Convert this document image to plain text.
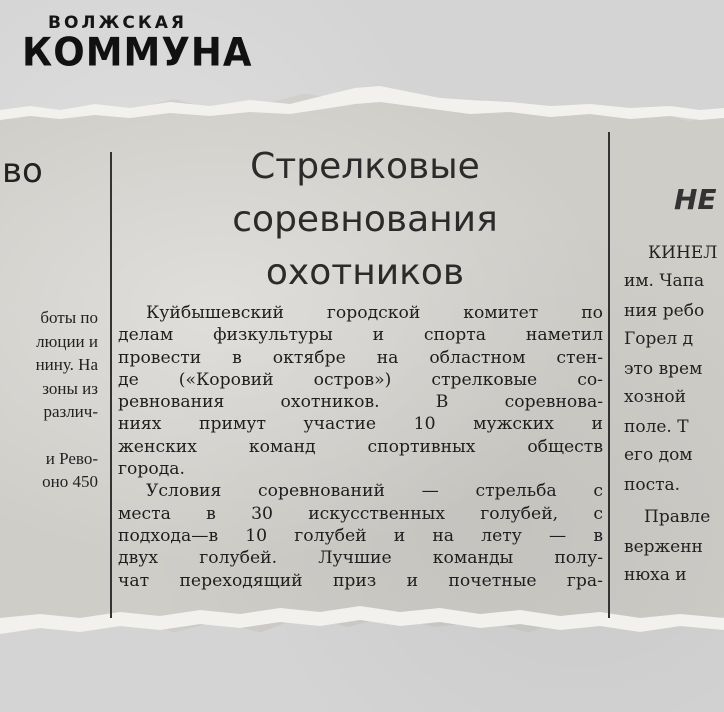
ВОЛЖСКАЯ
КОММУНА
во
боты по
люции и
нину. На
зоны из
различ-
и Рево-
оно 450
Стрелковые
соревнования
охотников
Куйбышевский городской комитет по
делам физкультуры и спорта наметил
провести в октябре на областном стен-
де («Коровий остров») стрелковые со-
ревнования охотников. В соревнова-
ниях примут участие 10 мужских и
женских команд спортивных обществ
города.
Условия соревнований — стрельба с
места в 30 искусственных голубей, с
подхода—в 10 голубей и на лету — в
двух голубей. Лучшие команды полу-
чат переходящий приз и почетные гра-
НЕ
КИНЕЛ
им. Чапа
ния ребо
Горел д
это врем
хозной
поле. Т
его дом
поста.
Правле
верженн
нюха и
